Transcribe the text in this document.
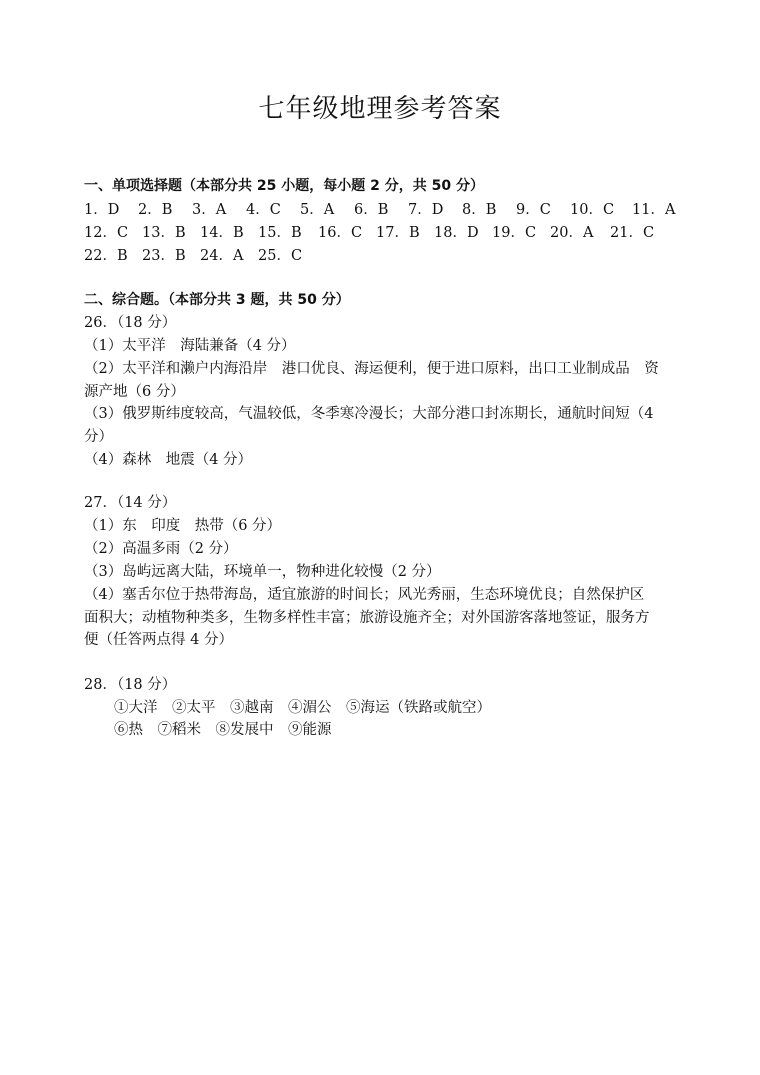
七年级地理参考答案
一、单项选择题（本部分共 25 小题，每小题 2 分，共 50 分）
1．D 2．B 3．A 4．C 5．A 6．B 7．D 8．B 9．C 10．C 11．A
12．C 13．B 14．B 15．B 16．C 17．B 18．D 19．C 20．A 21．C
22．B 23．B 24．A 25．C
二、综合题。（本部分共 3 题，共 50 分）
26．（18 分）
（1）太平洋　海陆兼备（4 分）
（2）太平洋和濑户内海沿岸　港口优良、海运便利，便于进口原料，出口工业制成品　资
源产地（6 分）
（3）俄罗斯纬度较高，气温较低，冬季寒冷漫长；大部分港口封冻期长，通航时间短（4
分）
（4）森林　地震（4 分）
27．（14 分）
（1）东　印度　热带（6 分）
（2）高温多雨（2 分）
（3）岛屿远离大陆，环境单一，物种进化较慢（2 分）
（4）塞舌尔位于热带海岛，适宜旅游的时间长；风光秀丽，生态环境优良；自然保护区
面积大；动植物种类多，生物多样性丰富；旅游设施齐全；对外国游客落地签证，服务方
便（任答两点得 4 分）
28．（18 分）
①大洋　②太平　③越南　④湄公　⑤海运（铁路或航空）
⑥热　⑦稻米　⑧发展中　⑨能源
